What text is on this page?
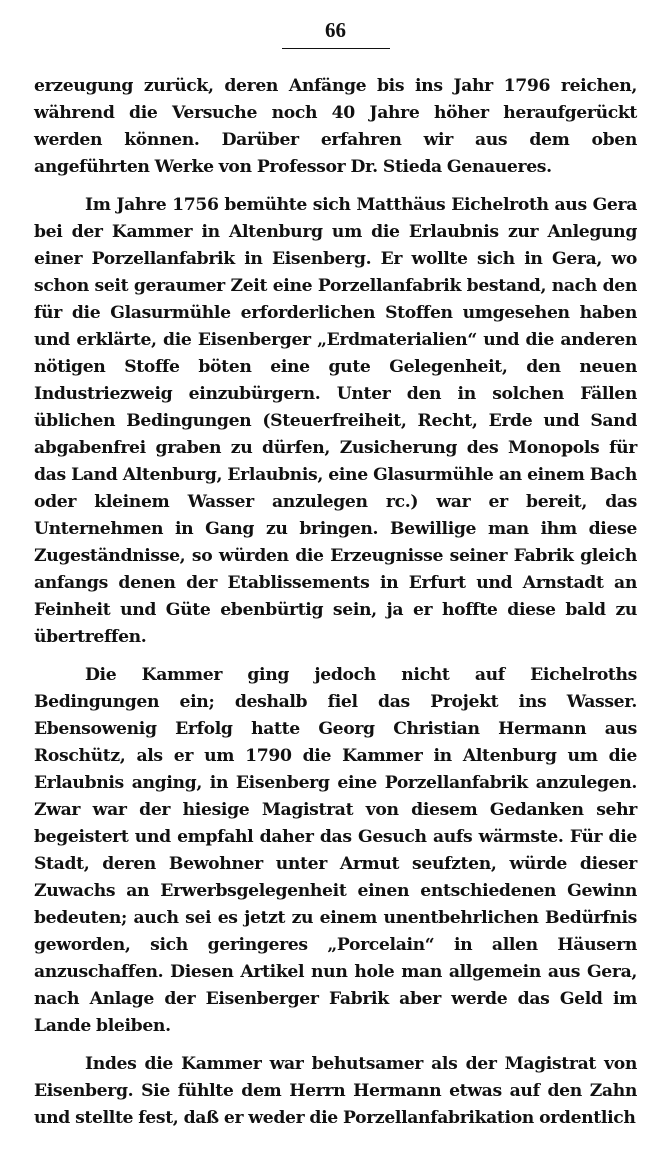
66

erzeugung zurück, deren Anfänge bis ins Jahr 1796 reichen, während die Versuche noch 40 Jahre höher heraufgerückt werden können. Darüber erfahren wir aus dem oben angeführten Werke von Professor Dr. Stieda Genaueres.

Im Jahre 1756 bemühte sich Matthäus Eichelroth aus Gera bei der Kammer in Altenburg um die Erlaubnis zur Anlegung einer Porzellanfabrik in Eisenberg. Er wollte sich in Gera, wo schon seit geraumer Zeit eine Porzellanfabrik bestand, nach den für die Glasurmühle erforderlichen Stoffen umgesehen haben und erklärte, die Eisenberger „Erdmaterialien“ und die anderen nötigen Stoffe böten eine gute Gelegenheit, den neuen Industriezweig einzubürgern. Unter den in solchen Fällen üblichen Bedingungen (Steuerfreiheit, Recht, Erde und Sand abgabenfrei graben zu dürfen, Zusicherung des Monopols für das Land Altenburg, Erlaubnis, eine Glasurmühle an einem Bach oder kleinem Wasser anzulegen rc.) war er bereit, das Unternehmen in Gang zu bringen. Bewillige man ihm diese Zugeständnisse, so würden die Erzeugnisse seiner Fabrik gleich anfangs denen der Etablissements in Erfurt und Arnstadt an Feinheit und Güte ebenbürtig sein, ja er hoffte diese bald zu übertreffen.

Die Kammer ging jedoch nicht auf Eichelroths Bedingungen ein; deshalb fiel das Projekt ins Wasser. Ebensowenig Erfolg hatte Georg Christian Hermann aus Roschütz, als er um 1790 die Kammer in Altenburg um die Erlaubnis anging, in Eisenberg eine Porzellanfabrik anzulegen. Zwar war der hiesige Magistrat von diesem Gedanken sehr begeistert und empfahl daher das Gesuch aufs wärmste. Für die Stadt, deren Bewohner unter Armut seufzten, würde dieser Zuwachs an Erwerbsgelegenheit einen entschiedenen Gewinn bedeuten; auch sei es jetzt zu einem unentbehrlichen Bedürfnis geworden, sich geringeres „Porcelain“ in allen Häusern anzuschaffen. Diesen Artikel nun hole man allgemein aus Gera, nach Anlage der Eisenberger Fabrik aber werde das Geld im Lande bleiben.

Indes die Kammer war behutsamer als der Magistrat von Eisenberg. Sie fühlte dem Herrn Hermann etwas auf den Zahn und stellte fest, daß er weder die Porzellanfabrikation ordentlich
